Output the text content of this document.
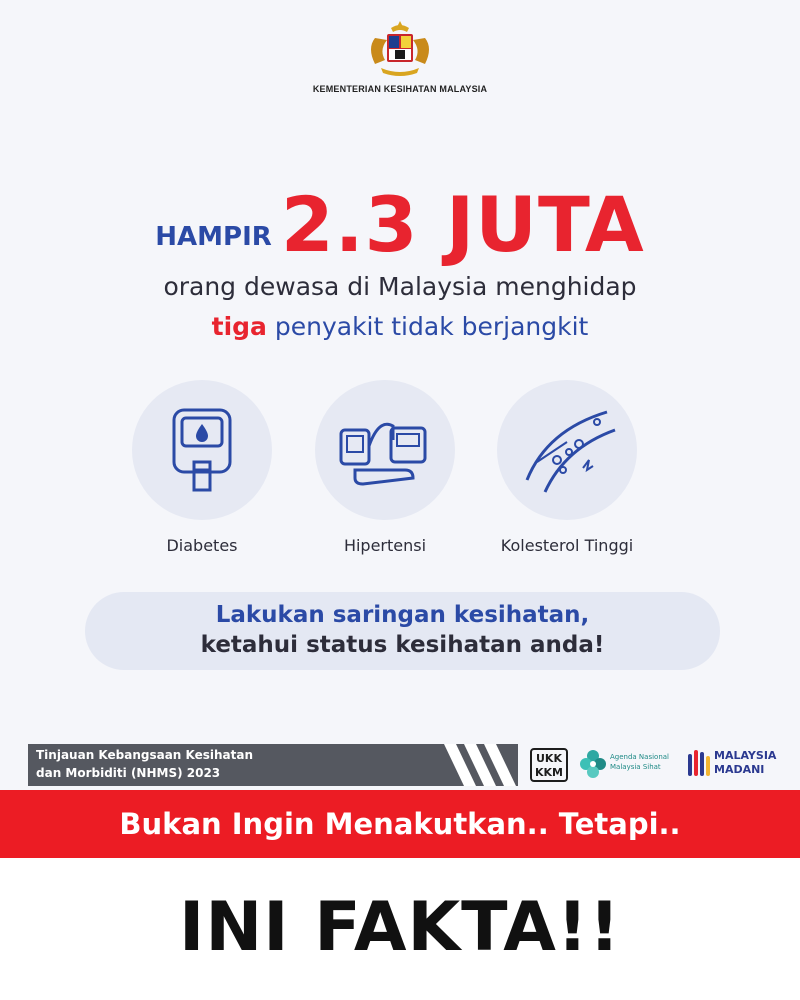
KEMENTERIAN KESIHATAN MALAYSIA
HAMPIR 2.3 JUTA
orang dewasa di Malaysia menghidap
tiga penyakit tidak berjangkit
Diabetes	Hipertensi	Kolesterol Tinggi
Lakukan saringan kesihatan,
ketahui status kesihatan anda!
Tinjauan Kebangsaan Kesihatan
dan Morbiditi (NHMS) 2023
UKK
KKM
Agenda Nasional
Malaysia Sihat
MALAYSIA
MADANI
Bukan Ingin Menakutkan.. Tetapi..
INI FAKTA!!
